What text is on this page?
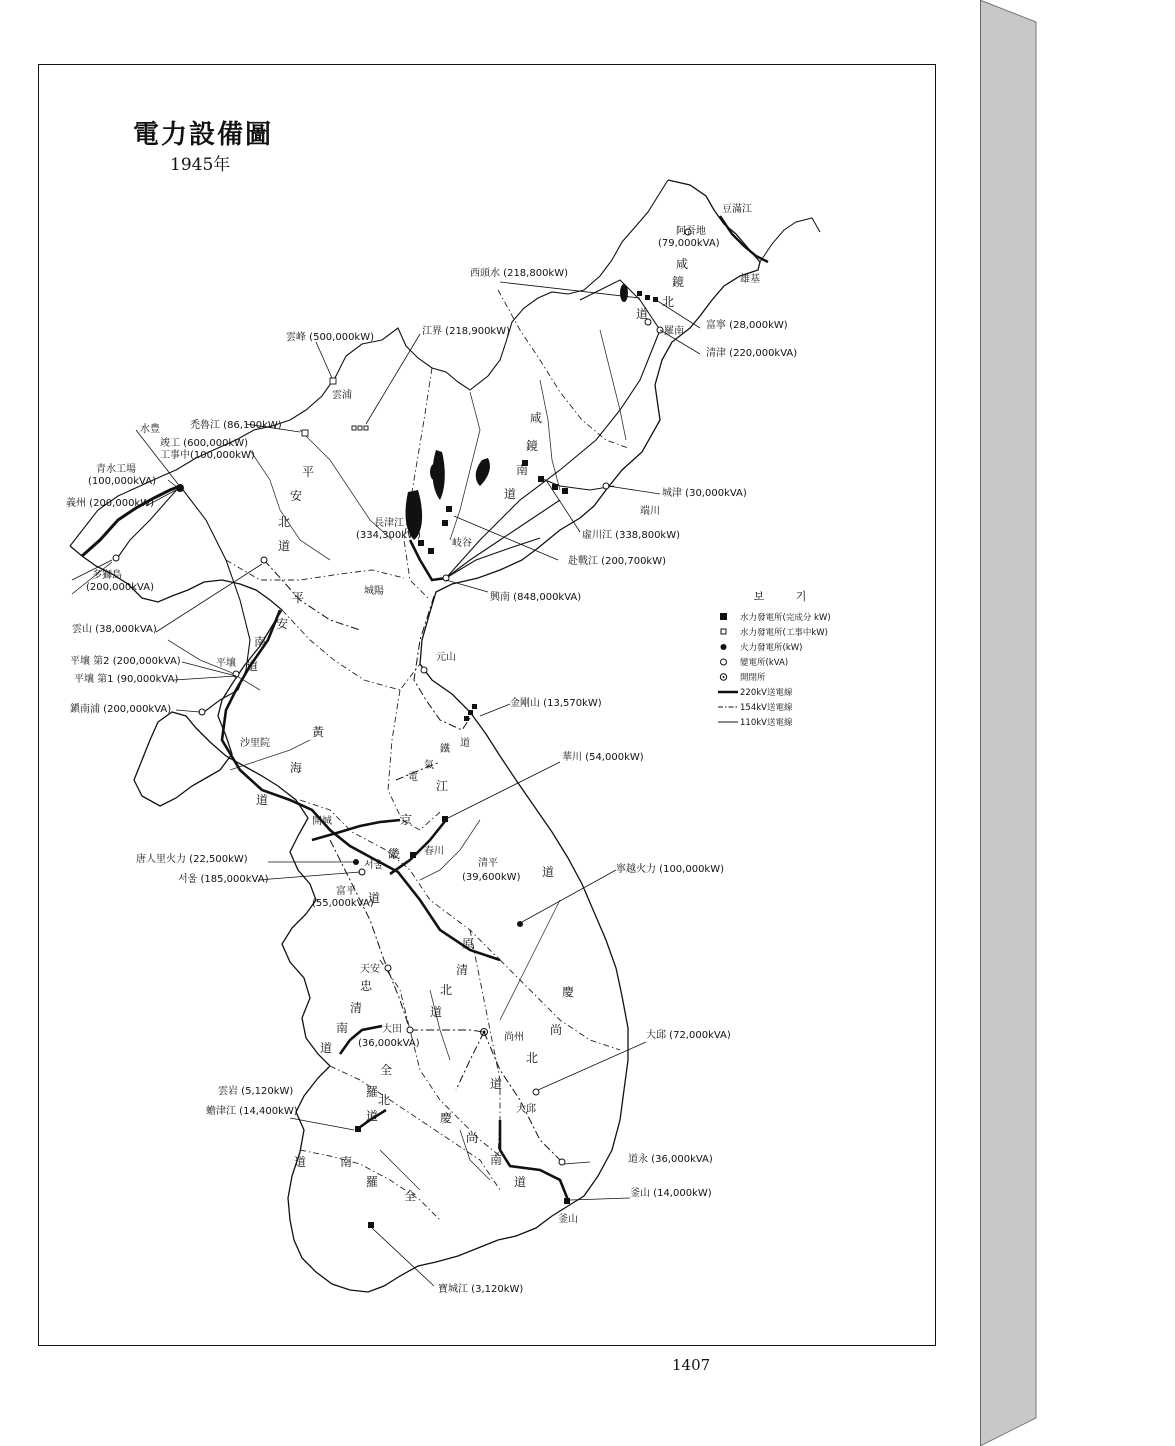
電力設備圖
1945年
阿吾地
(79,000kVA)
豆滿江
雄基
西頭水 (218,800kW)
富寧 (28,000kW)
羅南
清津 (220,000kVA)
雲峰 (500,000kW)
江界 (218,900kW)
雲浦
禿魯江 (86,100kW)
水豊
竣工 (600,000kW)
工事中(100,000kW)
青水工場
(100,000kVA)
義州 (200,000kW)
多獅島
(200,000kVA)
長津江
(334,300kW)
岐谷
城津 (30,000kVA)
端川
虛川江 (338,800kW)
赴戰江 (200,700kW)
興南 (848,000kVA)
雲山 (38,000kVA)
平壤 第2 (200,000kVA)
平壤 第1 (90,000kVA)
平壤
鎭南浦 (200,000kVA)
城陽
元山
金剛山 (13,570kW)
沙里院
華川 (54,000kW)
開城
春川
唐人里火力 (22,500kW)
서울
서울 (185,000kVA)
富平
(55,000kVA)
清平
(39,600kW)
寧越火力 (100,000kW)
天安
大田
(36,000kVA)
尚州	大邱 (72,000kVA)
大邱
雲岩 (5,120kW)
蟾津江 (14,400kW)
道永 (36,000kVA)
釜山 (14,000kW)
釜山
寶城江 (3,120kW)
咸
鏡
北
道
咸
鏡
南
道
平
安
北
道
平
安
南
道
黃
海
道
江
原
道
京
畿
道
忠
清
北
道
清
南
道
全
羅
北
道
全
羅
南
道
慶
尚
北
道
慶
尚
南
道
電
氣
鐵
道
보 기
水力發電所(完成分 kW)
水力發電所(工事中kW)
火力發電所(kW)
變電所(kVA)
開閉所
220kV送電線
154kV送電線
110kV送電線
1407
